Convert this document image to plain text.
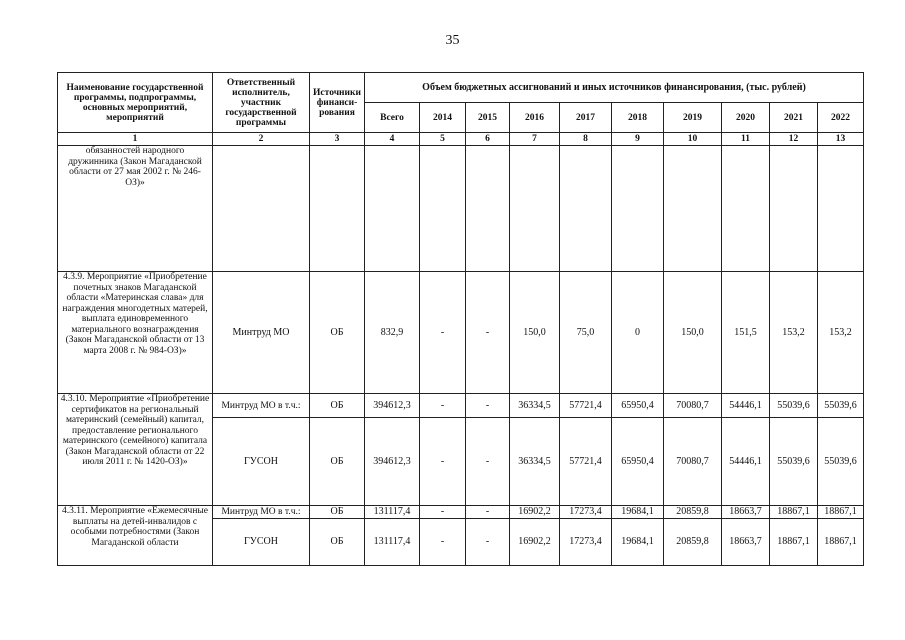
35
Наименование государственной программы, подпрограммы, основных мероприятий, мероприятий	Ответственный исполнитель, участник государственной программы	Источники финанси-рования	Объем бюджетных ассигнований и иных источников финансирования, (тыс. рублей)									
			Всего	2014	2015	2016	2017	2018	2019	2020	2021	2022
1	2	3	4	5	6	7	8	9	10	11	12	13
обязанностей народного дружинника (Закон Магаданской области от 27 мая 2002 г. № 246-ОЗ)»												
4.3.9. Мероприятие «Приобретение почетных знаков Магаданской области «Материнская слава» для награждения многодетных матерей, выплата единовременного материального вознаграждения (Закон Магаданской области от 13 марта 2008 г. № 984-ОЗ)»	Минтруд МО	ОБ	832,9	-	-	150,0	75,0	0	150,0	151,5	153,2	153,2
4.3.10. Мероприятие «Приобретение сертификатов на региональный материнский (семейный) капитал, предоставление регионального материнского (семейного) капитала (Закон Магаданской области от 22 июля 2011 г. № 1420-ОЗ)»	Минтруд МО в т.ч.:	ОБ	394612,3	-	-	36334,5	57721,4	65950,4	70080,7	54446,1	55039,6	55039,6
	ГУСОН	ОБ	394612,3	-	-	36334,5	57721,4	65950,4	70080,7	54446,1	55039,6	55039,6
4.3.11. Мероприятие «Ежемесячные выплаты на детей-инвалидов с особыми потребностями (Закон Магаданской области	Минтруд МО в т.ч.:	ОБ	131117,4	-	-	16902,2	17273,4	19684,1	20859,8	18663,7	18867,1	18867,1
	ГУСОН	ОБ	131117,4	-	-	16902,2	17273,4	19684,1	20859,8	18663,7	18867,1	18867,1
